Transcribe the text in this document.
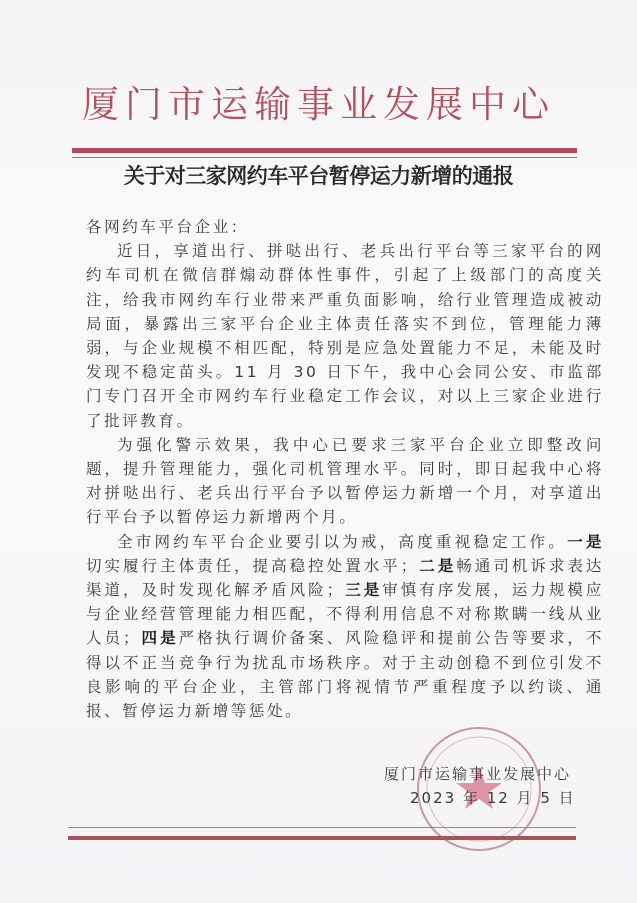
厦门市运输事业发展中心
关于对三家网约车平台暂停运力新增的通报

各网约车平台企业：

近日，享道出行、拼哒出行、老兵出行平台等三家平台的网约车司机在微信群煽动群体性事件，引起了上级部门的高度关注，给我市网约车行业带来严重负面影响，给行业管理造成被动局面，暴露出三家平台企业主体责任落实不到位，管理能力薄弱，与企业规模不相匹配，特别是应急处置能力不足，未能及时发现不稳定苗头。11 月 30 日下午，我中心会同公安、市监部门专门召开全市网约车行业稳定工作会议，对以上三家企业进行了批评教育。

为强化警示效果，我中心已要求三家平台企业立即整改问题，提升管理能力，强化司机管理水平。同时，即日起我中心将对拼哒出行、老兵出行平台予以暂停运力新增一个月，对享道出行平台予以暂停运力新增两个月。

全市网约车平台企业要引以为戒，高度重视稳定工作。一是切实履行主体责任，提高稳控处置水平；二是畅通司机诉求表达渠道，及时发现化解矛盾风险；三是审慎有序发展，运力规模应与企业经营管理能力相匹配，不得利用信息不对称欺瞒一线从业人员；四是严格执行调价备案、风险稳评和提前公告等要求，不得以不正当竞争行为扰乱市场秩序。对于主动创稳不到位引发不良影响的平台企业，主管部门将视情节严重程度予以约谈、通报、暂停运力新增等惩处。

厦门市运输事业发展中心
2023 年 12 月 5 日
